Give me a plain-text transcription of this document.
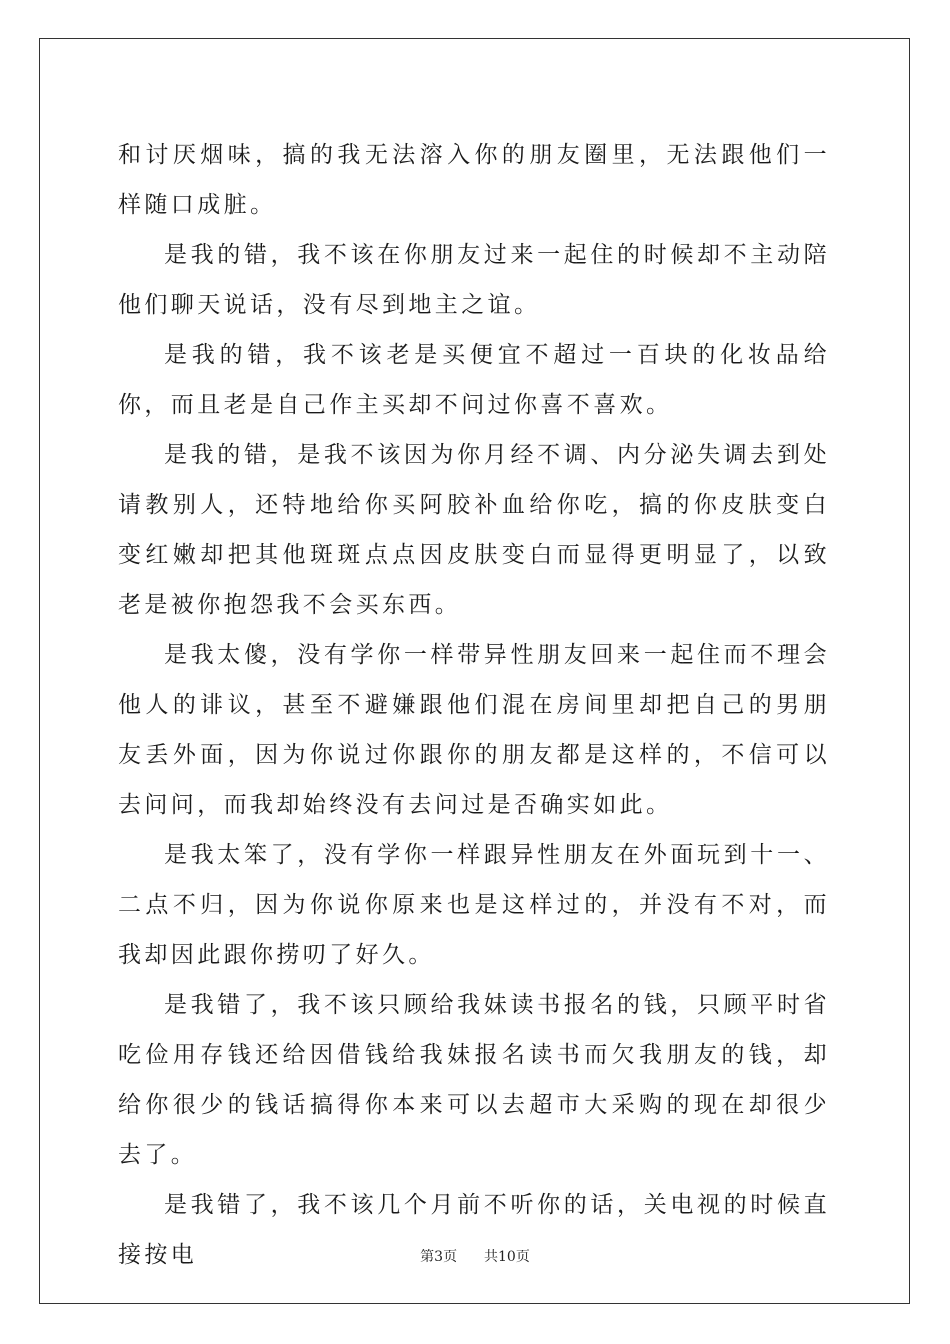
和讨厌烟味，搞的我无法溶入你的朋友圈里，无法跟他们一样随口成脏。

是我的错，我不该在你朋友过来一起住的时候却不主动陪他们聊天说话，没有尽到地主之谊。

是我的错，我不该老是买便宜不超过一百块的化妆品给你，而且老是自己作主买却不问过你喜不喜欢。

是我的错，是我不该因为你月经不调、内分泌失调去到处请教别人，还特地给你买阿胶补血给你吃，搞的你皮肤变白变红嫩却把其他斑斑点点因皮肤变白而显得更明显了，以致老是被你抱怨我不会买东西。

是我太傻，没有学你一样带异性朋友回来一起住而不理会他人的诽议，甚至不避嫌跟他们混在房间里却把自己的男朋友丢外面，因为你说过你跟你的朋友都是这样的，不信可以去问问，而我却始终没有去问过是否确实如此。

是我太笨了，没有学你一样跟异性朋友在外面玩到十一、二点不归，因为你说你原来也是这样过的，并没有不对，而我却因此跟你捞叨了好久。

是我错了，我不该只顾给我妹读书报名的钱，只顾平时省吃俭用存钱还给因借钱给我妹报名读书而欠我朋友的钱，却给你很少的钱话搞得你本来可以去超市大采购的现在却很少去了。

是我错了，我不该几个月前不听你的话，关电视的时候直接按电	第3页 共10页
